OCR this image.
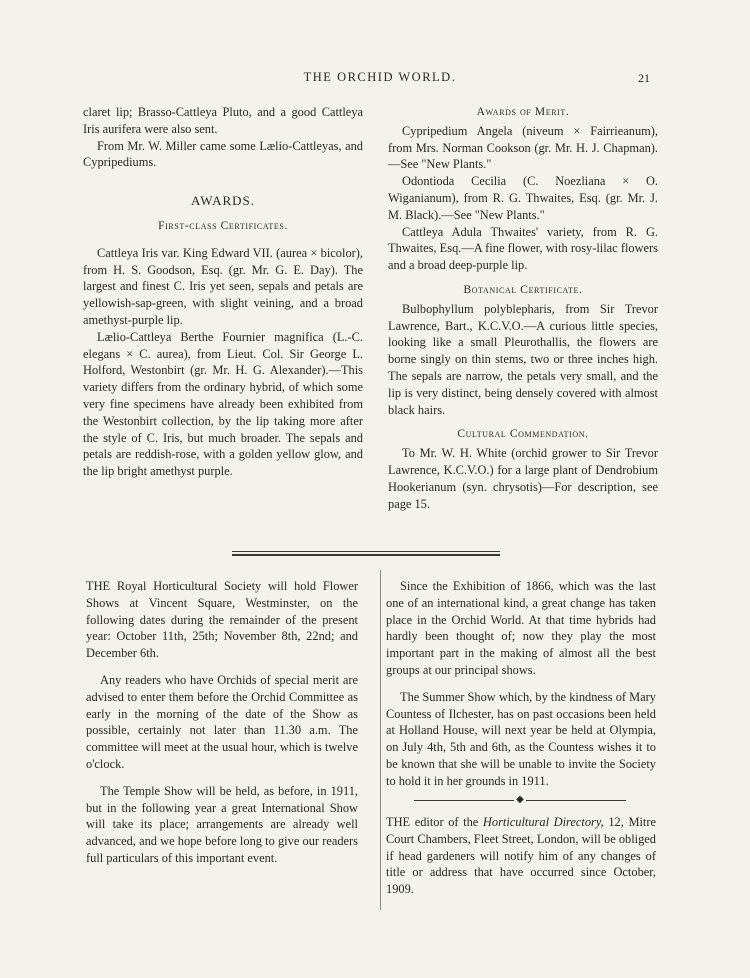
THE ORCHID WORLD.	21

claret lip; Brasso-Cattleya Pluto, and a good Cattleya Iris aurifera were also sent.

From Mr. W. Miller came some Lælio-Cattleyas, and Cypripediums.

AWARDS.
First-class Certificates.

Cattleya Iris var. King Edward VII. (aurea × bicolor), from H. S. Goodson, Esq. (gr. Mr. G. E. Day). The largest and finest C. Iris yet seen, sepals and petals are yellowish-sap-green, with slight veining, and a broad amethyst-purple lip.

Lælio-Cattleya Berthe Fournier magnifica (L.-C. elegans × C. aurea), from Lieut. Col. Sir George L. Holford, Westonbirt (gr. Mr. H. G. Alexander).—This variety differs from the ordinary hybrid, of which some very fine specimens have already been exhibited from the Westonbirt collection, by the lip taking more after the style of C. Iris, but much broader. The sepals and petals are reddish-rose, with a golden yellow glow, and the lip bright amethyst purple.

Awards of Merit.

Cypripedium Angela (niveum × Fairrieanum), from Mrs. Norman Cookson (gr. Mr. H. J. Chapman).—See "New Plants."

Odontioda Cecilia (C. Noezliana × O. Wiganianum), from R. G. Thwaites, Esq. (gr. Mr. J. M. Black).—See "New Plants."

Cattleya Adula Thwaites' variety, from R. G. Thwaites, Esq.—A fine flower, with rosy-lilac flowers and a broad deep-purple lip.

Botanical Certificate.

Bulbophyllum polyblepharis, from Sir Trevor Lawrence, Bart., K.C.V.O.—A curious little species, looking like a small Pleurothallis, the flowers are borne singly on thin stems, two or three inches high. The sepals are narrow, the petals very small, and the lip is very distinct, being densely covered with almost black hairs.

Cultural Commendation.

To Mr. W. H. White (orchid grower to Sir Trevor Lawrence, K.C.V.O.) for a large plant of Dendrobium Hookerianum (syn. chrysotis)—For description, see page 15.

THE Royal Horticultural Society will hold Flower Shows at Vincent Square, Westminster, on the following dates during the remainder of the present year: October 11th, 25th; November 8th, 22nd; and December 6th.

Any readers who have Orchids of special merit are advised to enter them before the Orchid Committee as early in the morning of the date of the Show as possible, certainly not later than 11.30 a.m. The committee will meet at the usual hour, which is twelve o'clock.

The Temple Show will be held, as before, in 1911, but in the following year a great International Show will take its place; arrangements are already well advanced, and we hope before long to give our readers full particulars of this important event.

Since the Exhibition of 1866, which was the last one of an international kind, a great change has taken place in the Orchid World. At that time hybrids had hardly been thought of; now they play the most important part in the making of almost all the best groups at our principal shows.

The Summer Show which, by the kindness of Mary Countess of Ilchester, has on past occasions been held at Holland House, will next year be held at Olympia, on July 4th, 5th and 6th, as the Countess wishes it to be known that she will be unable to invite the Society to hold it in her grounds in 1911.

◆

THE editor of the Horticultural Directory, 12, Mitre Court Chambers, Fleet Street, London, will be obliged if head gardeners will notify him of any changes of title or address that have occurred since October, 1909.
